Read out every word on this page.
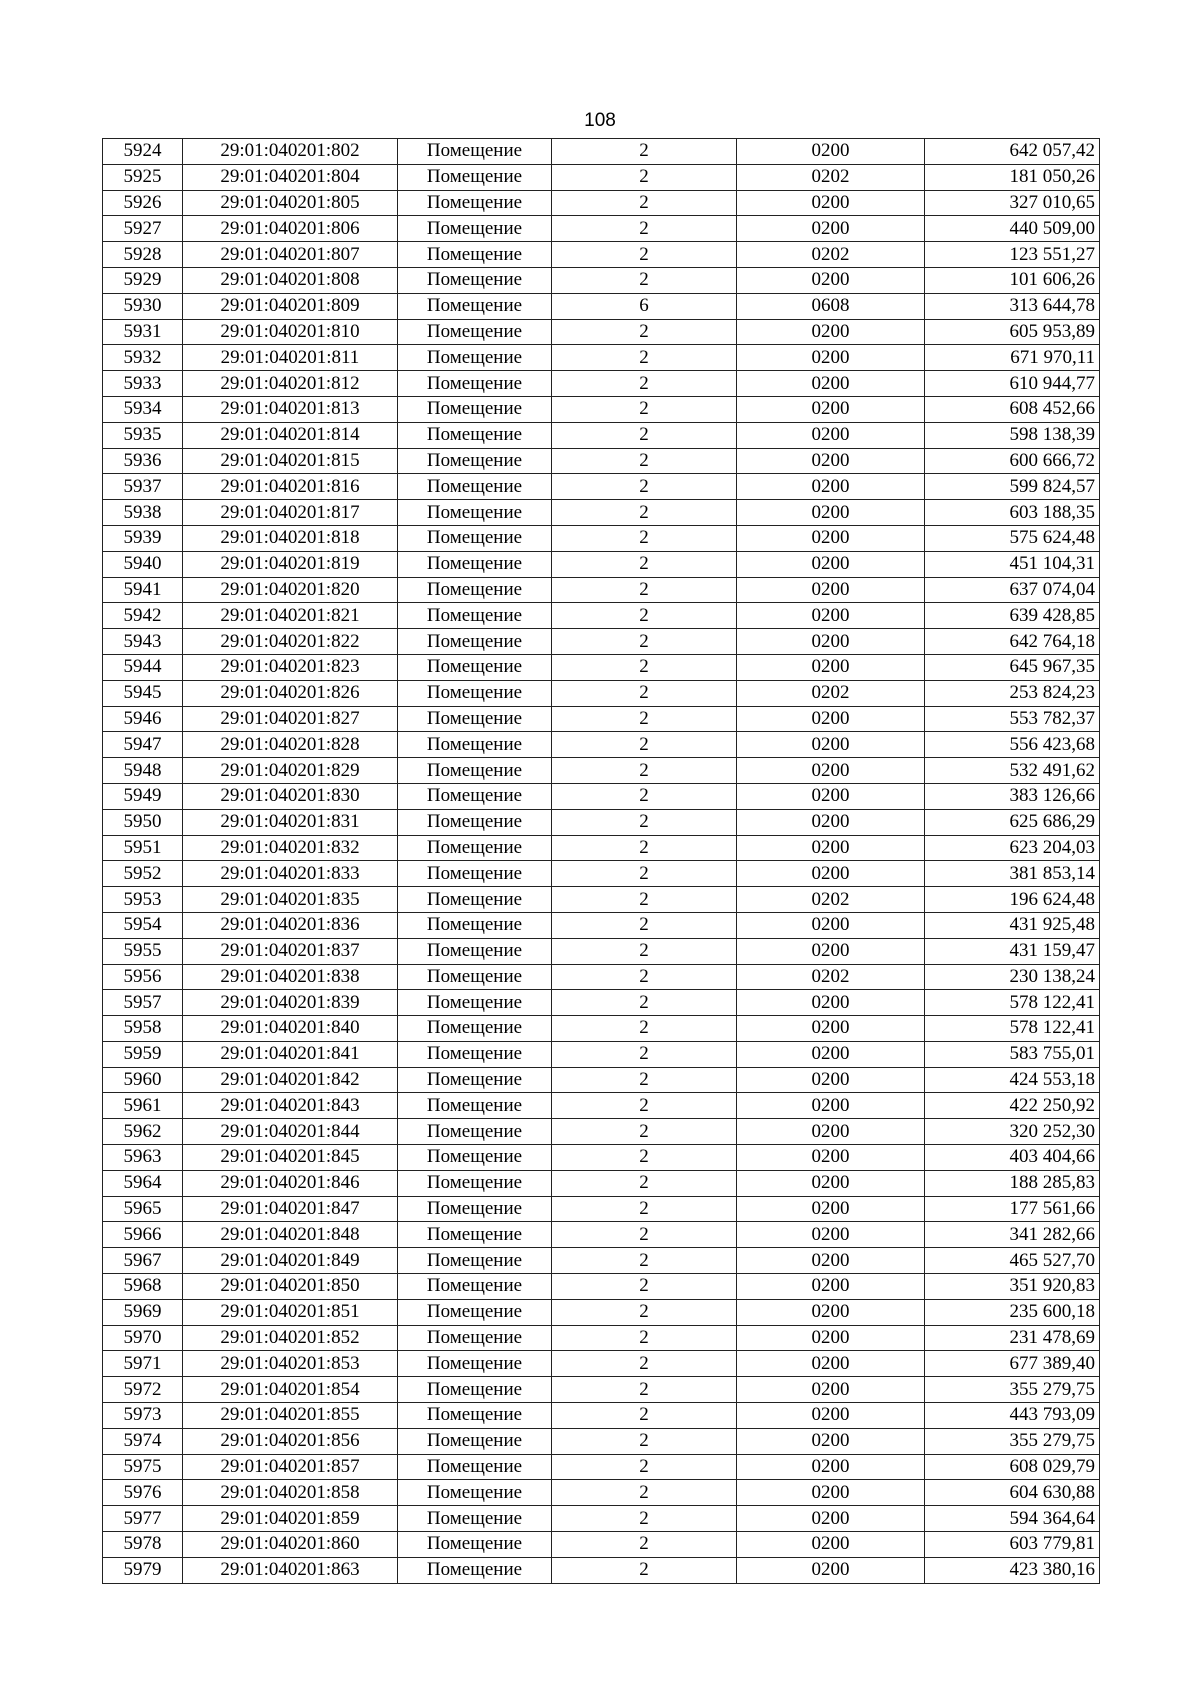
108
5924	29:01:040201:802	Помещение	2	0200	642 057,42
5925	29:01:040201:804	Помещение	2	0202	181 050,26
5926	29:01:040201:805	Помещение	2	0200	327 010,65
5927	29:01:040201:806	Помещение	2	0200	440 509,00
5928	29:01:040201:807	Помещение	2	0202	123 551,27
5929	29:01:040201:808	Помещение	2	0200	101 606,26
5930	29:01:040201:809	Помещение	6	0608	313 644,78
5931	29:01:040201:810	Помещение	2	0200	605 953,89
5932	29:01:040201:811	Помещение	2	0200	671 970,11
5933	29:01:040201:812	Помещение	2	0200	610 944,77
5934	29:01:040201:813	Помещение	2	0200	608 452,66
5935	29:01:040201:814	Помещение	2	0200	598 138,39
5936	29:01:040201:815	Помещение	2	0200	600 666,72
5937	29:01:040201:816	Помещение	2	0200	599 824,57
5938	29:01:040201:817	Помещение	2	0200	603 188,35
5939	29:01:040201:818	Помещение	2	0200	575 624,48
5940	29:01:040201:819	Помещение	2	0200	451 104,31
5941	29:01:040201:820	Помещение	2	0200	637 074,04
5942	29:01:040201:821	Помещение	2	0200	639 428,85
5943	29:01:040201:822	Помещение	2	0200	642 764,18
5944	29:01:040201:823	Помещение	2	0200	645 967,35
5945	29:01:040201:826	Помещение	2	0202	253 824,23
5946	29:01:040201:827	Помещение	2	0200	553 782,37
5947	29:01:040201:828	Помещение	2	0200	556 423,68
5948	29:01:040201:829	Помещение	2	0200	532 491,62
5949	29:01:040201:830	Помещение	2	0200	383 126,66
5950	29:01:040201:831	Помещение	2	0200	625 686,29
5951	29:01:040201:832	Помещение	2	0200	623 204,03
5952	29:01:040201:833	Помещение	2	0200	381 853,14
5953	29:01:040201:835	Помещение	2	0202	196 624,48
5954	29:01:040201:836	Помещение	2	0200	431 925,48
5955	29:01:040201:837	Помещение	2	0200	431 159,47
5956	29:01:040201:838	Помещение	2	0202	230 138,24
5957	29:01:040201:839	Помещение	2	0200	578 122,41
5958	29:01:040201:840	Помещение	2	0200	578 122,41
5959	29:01:040201:841	Помещение	2	0200	583 755,01
5960	29:01:040201:842	Помещение	2	0200	424 553,18
5961	29:01:040201:843	Помещение	2	0200	422 250,92
5962	29:01:040201:844	Помещение	2	0200	320 252,30
5963	29:01:040201:845	Помещение	2	0200	403 404,66
5964	29:01:040201:846	Помещение	2	0200	188 285,83
5965	29:01:040201:847	Помещение	2	0200	177 561,66
5966	29:01:040201:848	Помещение	2	0200	341 282,66
5967	29:01:040201:849	Помещение	2	0200	465 527,70
5968	29:01:040201:850	Помещение	2	0200	351 920,83
5969	29:01:040201:851	Помещение	2	0200	235 600,18
5970	29:01:040201:852	Помещение	2	0200	231 478,69
5971	29:01:040201:853	Помещение	2	0200	677 389,40
5972	29:01:040201:854	Помещение	2	0200	355 279,75
5973	29:01:040201:855	Помещение	2	0200	443 793,09
5974	29:01:040201:856	Помещение	2	0200	355 279,75
5975	29:01:040201:857	Помещение	2	0200	608 029,79
5976	29:01:040201:858	Помещение	2	0200	604 630,88
5977	29:01:040201:859	Помещение	2	0200	594 364,64
5978	29:01:040201:860	Помещение	2	0200	603 779,81
5979	29:01:040201:863	Помещение	2	0200	423 380,16
